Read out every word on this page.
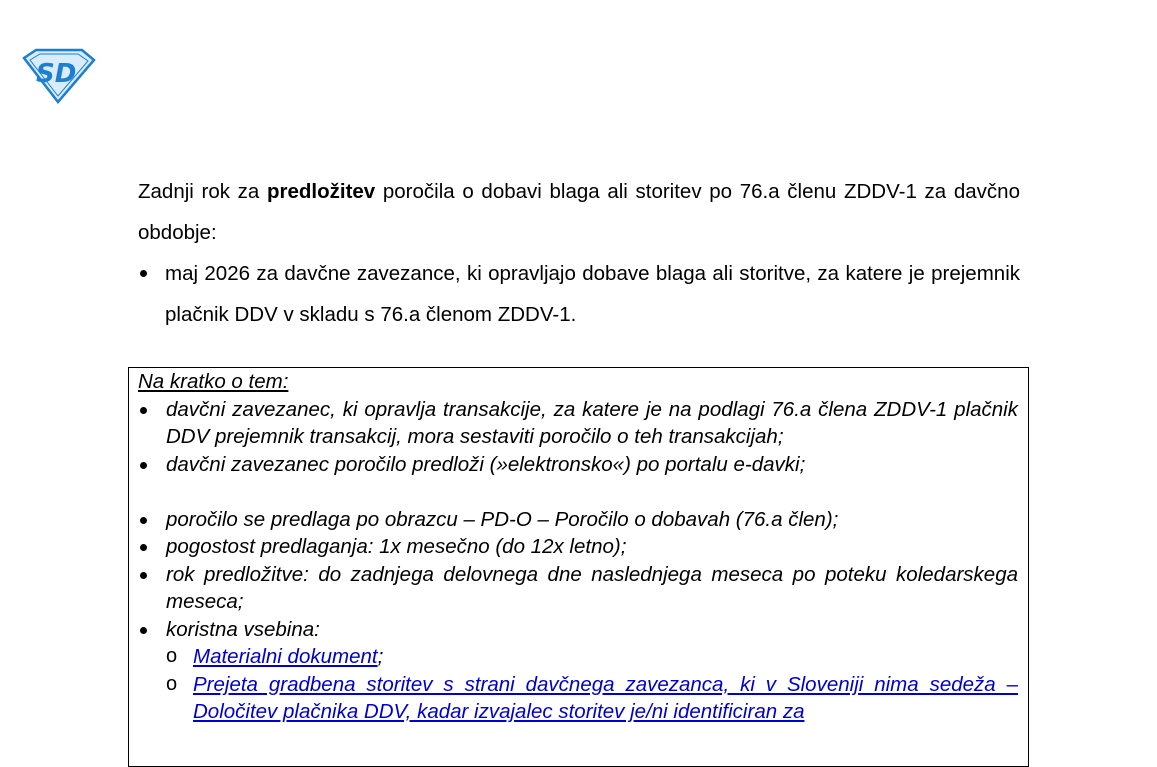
SD

Zadnji rok za predložitev poročila o dobavi blaga ali storitev po 76.a členu ZDDV-1 za davčno obdobje:

maj 2026 za davčne zavezance, ki opravljajo dobave blaga ali storitve, za katere je prejemnik plačnik DDV v skladu s 76.a členom ZDDV-1.

Na kratko o tem:

davčni zavezanec, ki opravlja transakcije, za katere je na podlagi 76.a člena ZDDV-1 plačnik DDV prejemnik transakcij, mora sestaviti poročilo o teh transakcijah;
davčni zavezanec poročilo predloži (»elektronsko«) po portalu e-davki;
poročilo se predlaga po obrazcu – PD-O – Poročilo o dobavah (76.a člen);
pogostost predlaganja: 1x mesečno (do 12x letno);
rok predložitve: do zadnjega delovnega dne naslednjega meseca po poteku koledarskega meseca;
koristna vsebina:
o Materialni dokument;
o Prejeta gradbena storitev s strani davčnega zavezanca, ki v Sloveniji nima sedeža – Določitev plačnika DDV, kadar izvajalec storitev je/ni identificiran za
